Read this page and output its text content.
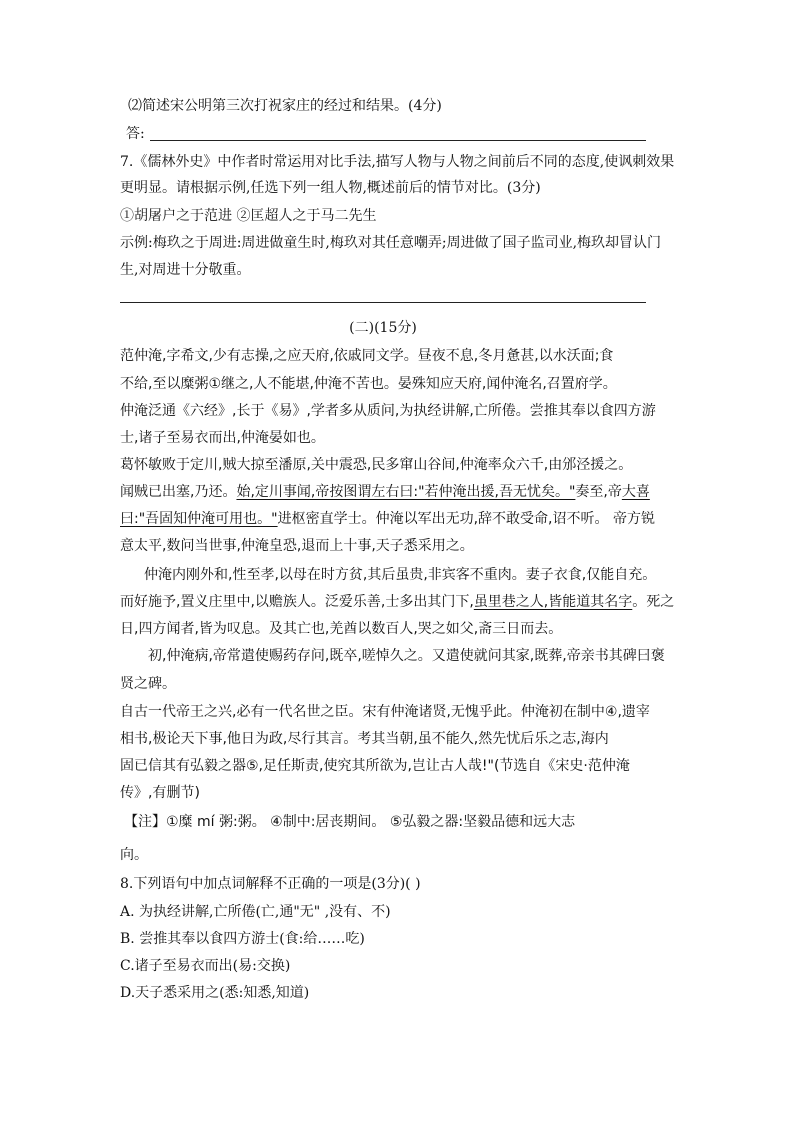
⑵简述宋公明第三次打祝家庄的经过和结果。(4分)
答:
7.《儒林外史》中作者时常运用对比手法,描写人物与人物之间前后不同的态度,使讽刺效果
更明显。请根据示例,任选下列一组人物,概述前后的情节对比。(3分)
①胡屠户之于范进 ②匡超人之于马二先生
示例:梅玖之于周进:周进做童生时,梅玖对其任意嘲弄;周进做了国子监司业,梅玖却冒认门
生,对周进十分敬重。
(二)(15分)
范仲淹,字希文,少有志操,之应天府,依戚同文学。昼夜不息,冬月惫甚,以水沃面;食
不给,至以糜粥①继之,人不能堪,仲淹不苦也。晏殊知应天府,闻仲淹名,召置府学。
仲淹泛通《六经》,长于《易》,学者多从质问,为执经讲解,亡所倦。尝推其奉以食四方游
士,诸子至易衣而出,仲淹晏如也。
葛怀敏败于定川,贼大掠至潘原,关中震恐,民多窜山谷间,仲淹率众六千,由邠泾援之。
闻贼已出塞,乃还。始,定川事闻,帝按图谓左右曰:"若仲淹出援,吾无忧矣。"奏至,帝大喜
曰:"吾固知仲淹可用也。"进枢密直学士。仲淹以军出无功,辞不敢受命,诏不听。 帝方锐
意太平,数问当世事,仲淹皇恐,退而上十事,天子悉采用之。
仲淹内刚外和,性至孝,以母在时方贫,其后虽贵,非宾客不重肉。妻子衣食,仅能自充。
而好施予,置义庄里中,以赡族人。泛爱乐善,士多出其门下,虽里巷之人,皆能道其名字。死之
日,四方闻者,皆为叹息。及其亡也,羌酋以数百人,哭之如父,斋三日而去。
初,仲淹病,帝常遣使赐药存问,既卒,嗟悼久之。又遣使就问其家,既葬,帝亲书其碑曰褒
贤之碑。
自古一代帝王之兴,必有一代名世之臣。宋有仲淹诸贤,无愧乎此。仲淹初在制中④,遗宰
相书,极论天下事,他日为政,尽行其言。考其当朝,虽不能久,然先忧后乐之志,海内
固已信其有弘毅之器⑤,足任斯责,使究其所欲为,岂让古人哉!"(节选自《宋史·范仲淹
传》,有删节)
【注】①糜 mí 粥:粥。 ④制中:居丧期间。 ⑤弘毅之器:坚毅品德和远大志
向。
8.下列语句中加点词解释不正确的一项是(3分)( )
A. 为执经讲解,亡所倦(亡,通"无" ,没有、不)
B. 尝推其奉以食四方游士(食:给……吃)
C.诸子至易衣而出(易:交换)
D.天子悉采用之(悉:知悉,知道)
